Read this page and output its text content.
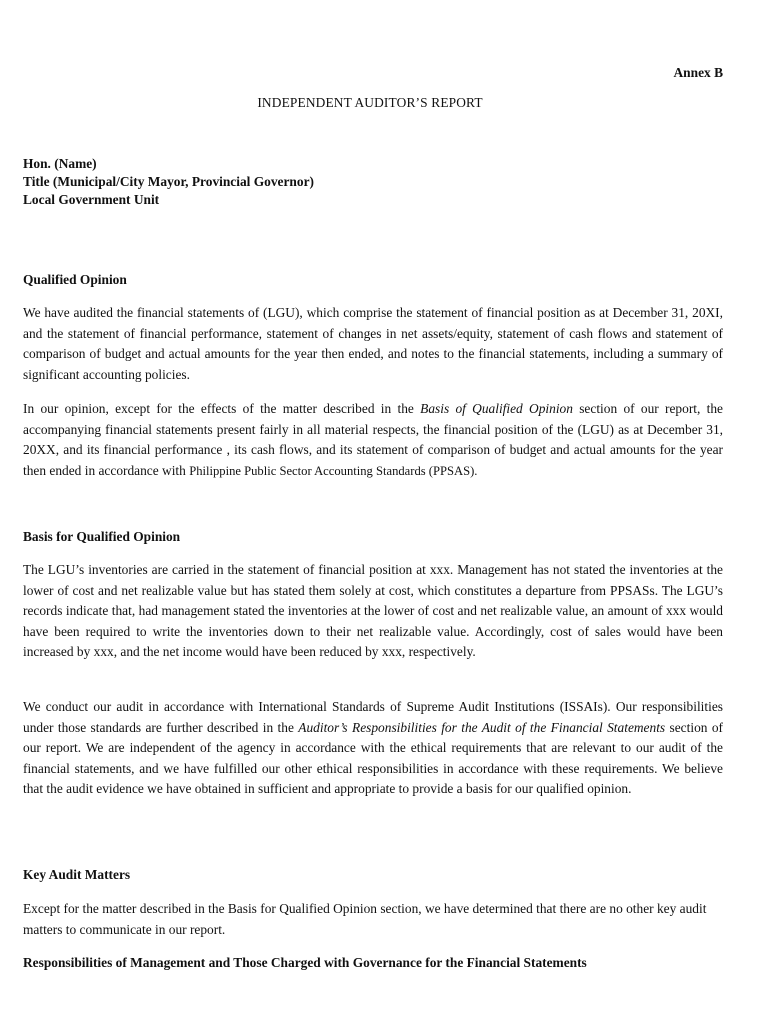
Annex B
INDEPENDENT AUDITOR’S REPORT
Hon. (Name)
Title (Municipal/City Mayor, Provincial Governor)
Local Government Unit
Qualified Opinion

We have audited the financial statements of (LGU), which comprise the statement of financial position as at December 31, 20XI, and the statement of financial performance, statement of changes in net assets/equity, statement of cash flows and statement of comparison of budget and actual amounts for the year then ended, and notes to the financial statements, including a summary of significant accounting policies.

In our opinion, except for the effects of the matter described in the Basis of Qualified Opinion section of our report, the accompanying financial statements present fairly in all material respects, the financial position of the (LGU) as at December 31, 20XX, and its financial performance , its cash flows, and its statement of comparison of budget and actual amounts for the year then ended in accordance with Philippine Public Sector Accounting Standards (PPSAS).

Basis for Qualified Opinion

The LGU’s inventories are carried in the statement of financial position at xxx. Management has not stated the inventories at the lower of cost and net realizable value but has stated them solely at cost, which constitutes a departure from PPSASs. The LGU’s records indicate that, had management stated the inventories at the lower of cost and net realizable value, an amount of xxx would have been required to write the inventories down to their net realizable value. Accordingly, cost of sales would have been increased by xxx, and the net income would have been reduced by xxx, respectively.

We conduct our audit in accordance with International Standards of Supreme Audit Institutions (ISSAIs). Our responsibilities under those standards are further described in the Auditor’s Responsibilities for the Audit of the Financial Statements section of our report. We are independent of the agency in accordance with the ethical requirements that are relevant to our audit of the financial statements, and we have fulfilled our other ethical responsibilities in accordance with these requirements. We believe that the audit evidence we have obtained in sufficient and appropriate to provide a basis for our qualified opinion.

Key Audit Matters

Except for the matter described in the Basis for Qualified Opinion section, we have determined that there are no other key audit matters to communicate in our report.

Responsibilities of Management and Those Charged with Governance for the Financial Statements
